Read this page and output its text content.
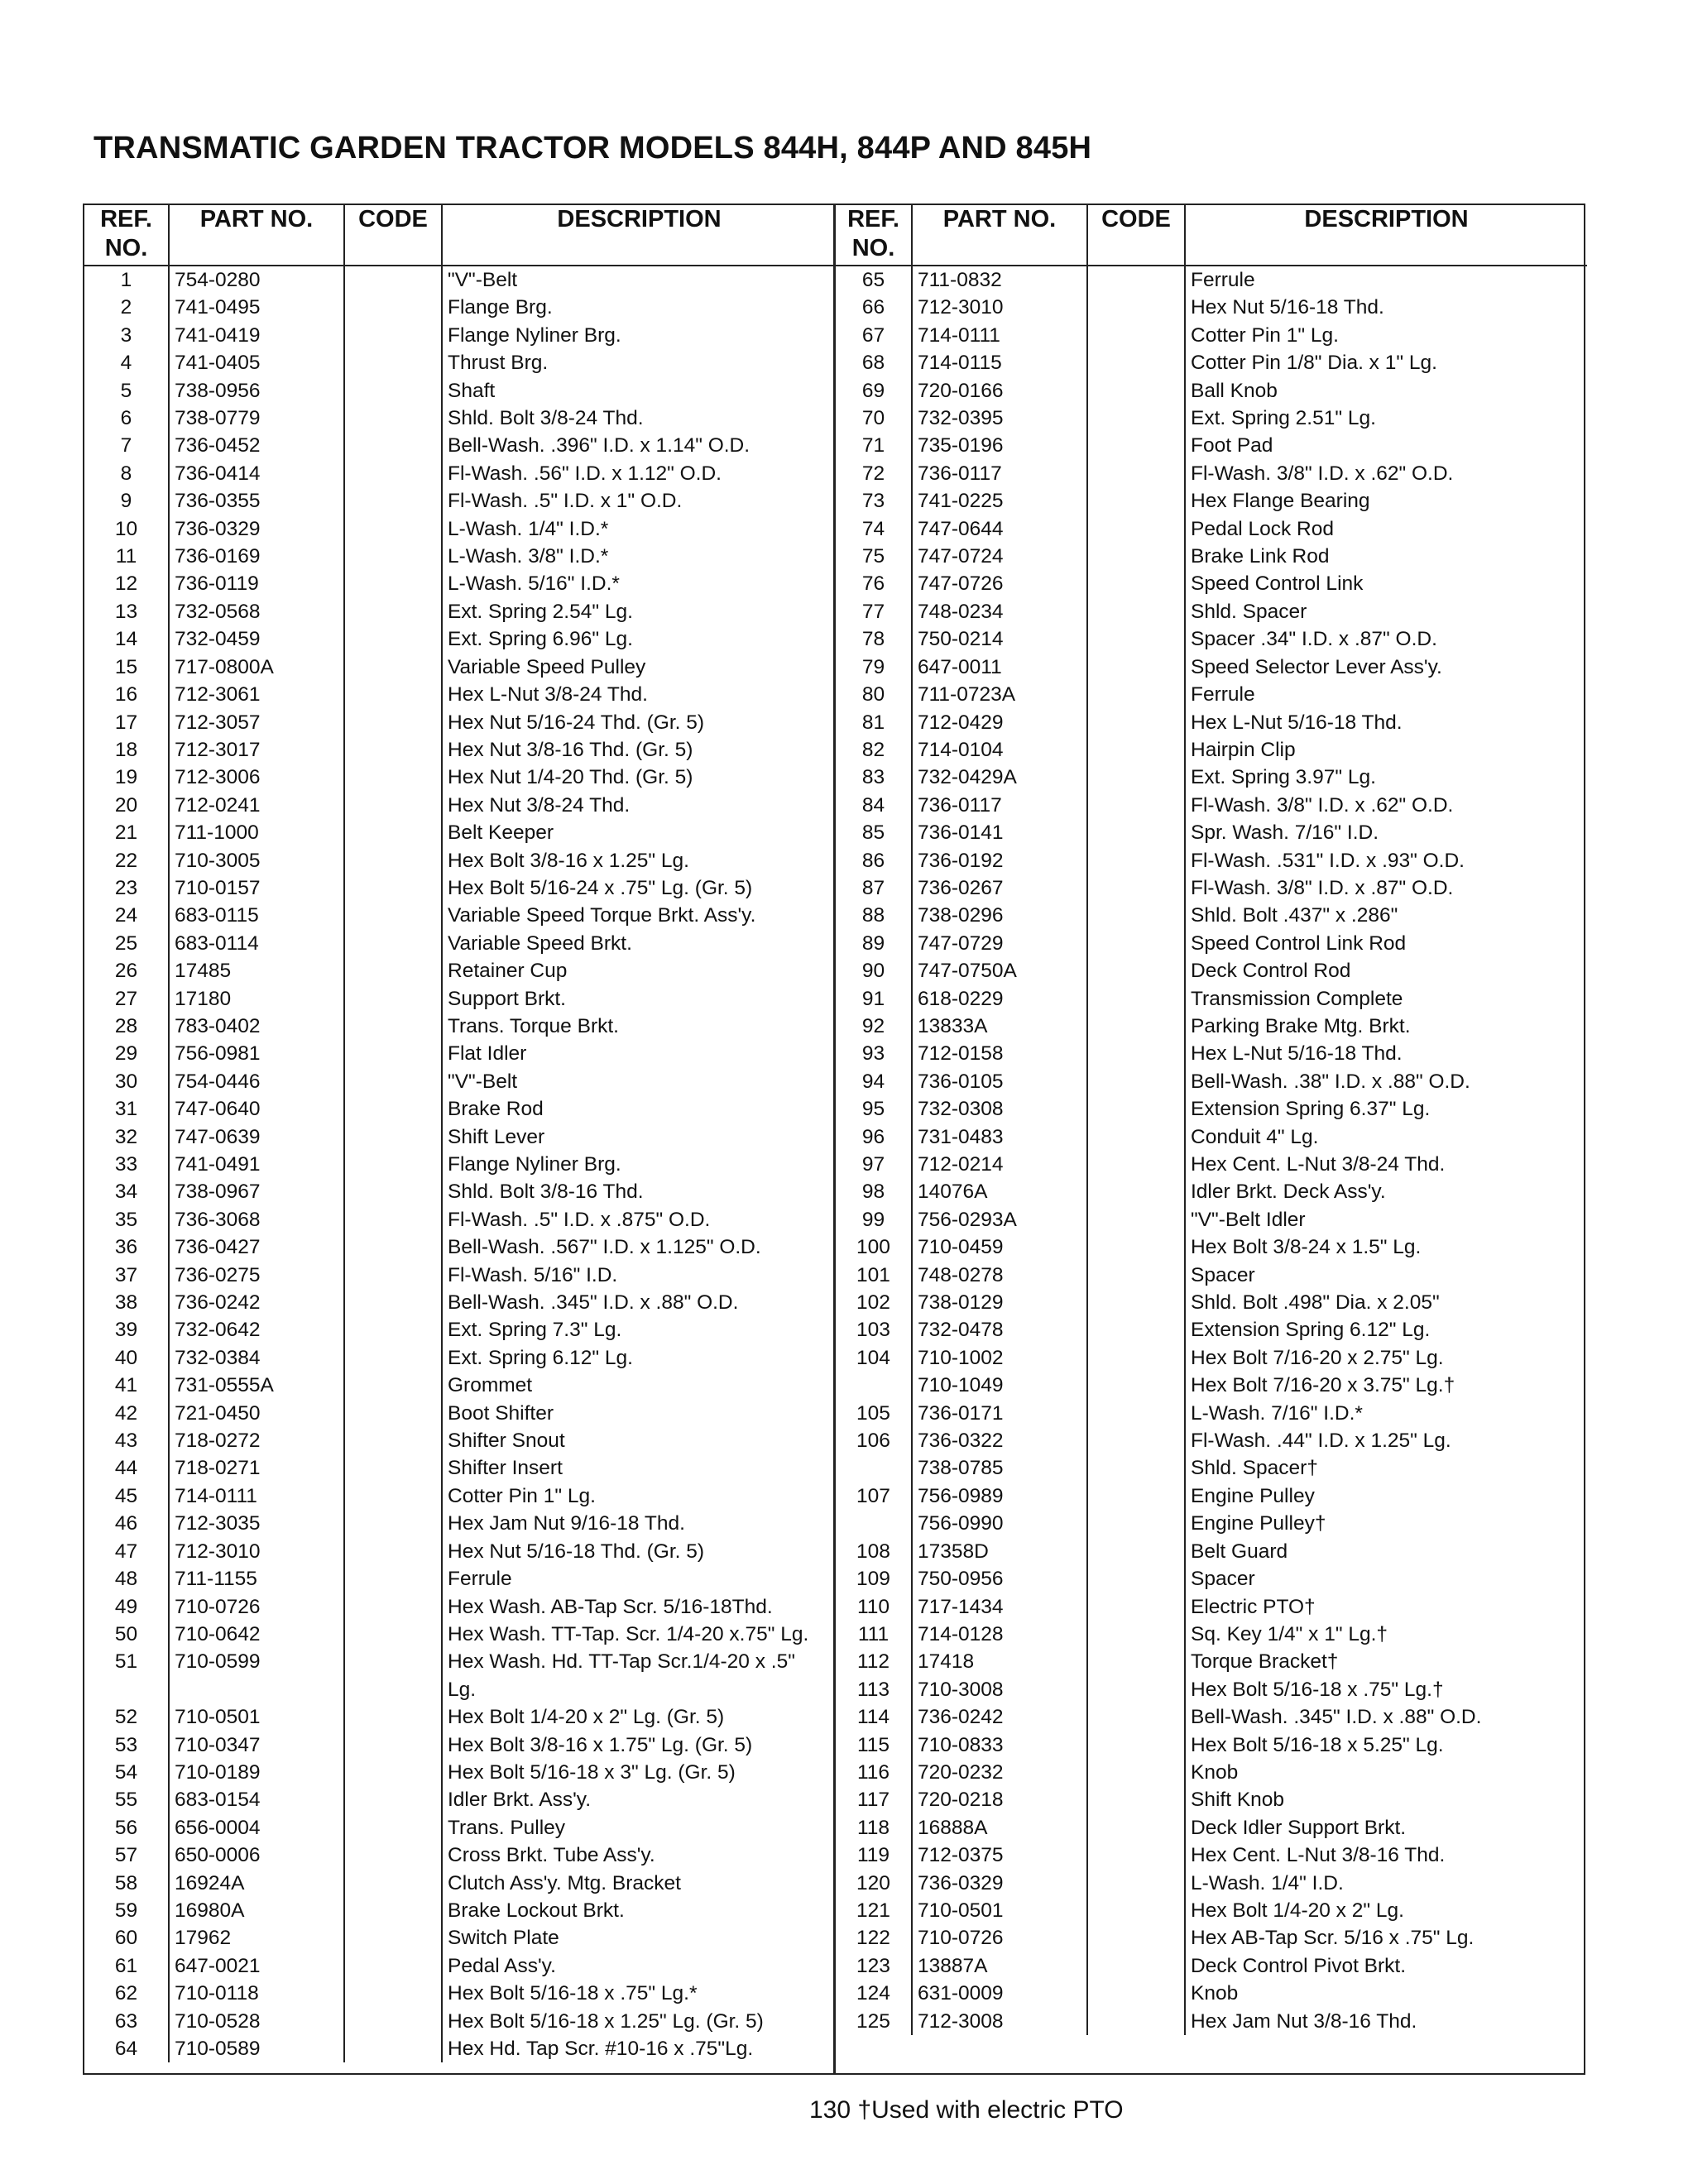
TRANSMATIC GARDEN TRACTOR MODELS 844H, 844P AND 845H
REF. NO.	PART NO.	CODE	DESCRIPTION
1	754-0280		"V"-Belt
2	741-0495		Flange Brg.
3	741-0419		Flange Nyliner Brg.
4	741-0405		Thrust Brg.
5	738-0956		Shaft
6	738-0779		Shld. Bolt 3/8-24 Thd.
7	736-0452		Bell-Wash. .396" I.D. x 1.14" O.D.
8	736-0414		Fl-Wash. .56" I.D. x 1.12" O.D.
9	736-0355		Fl-Wash. .5" I.D. x 1" O.D.
10	736-0329		L-Wash. 1/4" I.D.*
11	736-0169		L-Wash. 3/8" I.D.*
12	736-0119		L-Wash. 5/16" I.D.*
13	732-0568		Ext. Spring 2.54" Lg.
14	732-0459		Ext. Spring 6.96" Lg.
15	717-0800A		Variable Speed Pulley
16	712-3061		Hex L-Nut 3/8-24 Thd.
17	712-3057		Hex Nut 5/16-24 Thd. (Gr. 5)
18	712-3017		Hex Nut 3/8-16 Thd. (Gr. 5)
19	712-3006		Hex Nut 1/4-20 Thd. (Gr. 5)
20	712-0241		Hex Nut 3/8-24 Thd.
21	711-1000		Belt Keeper
22	710-3005		Hex Bolt 3/8-16 x 1.25" Lg.
23	710-0157		Hex Bolt 5/16-24 x .75" Lg. (Gr. 5)
24	683-0115		Variable Speed Torque Brkt. Ass'y.
25	683-0114		Variable Speed Brkt.
26	17485		Retainer Cup
27	17180		Support Brkt.
28	783-0402		Trans. Torque Brkt.
29	756-0981		Flat Idler
30	754-0446		"V"-Belt
31	747-0640		Brake Rod
32	747-0639		Shift Lever
33	741-0491		Flange Nyliner Brg.
34	738-0967		Shld. Bolt 3/8-16 Thd.
35	736-3068		Fl-Wash. .5" I.D. x .875" O.D.
36	736-0427		Bell-Wash. .567" I.D. x 1.125" O.D.
37	736-0275		Fl-Wash. 5/16" I.D.
38	736-0242		Bell-Wash. .345" I.D. x .88" O.D.
39	732-0642		Ext. Spring 7.3" Lg.
40	732-0384		Ext. Spring 6.12" Lg.
41	731-0555A		Grommet
42	721-0450		Boot Shifter
43	718-0272		Shifter Snout
44	718-0271		Shifter Insert
45	714-0111		Cotter Pin 1" Lg.
46	712-3035		Hex Jam Nut 9/16-18 Thd.
47	712-3010		Hex Nut 5/16-18 Thd. (Gr. 5)
48	711-1155		Ferrule
49	710-0726		Hex Wash. AB-Tap Scr. 5/16-18Thd.
50	710-0642		Hex Wash. TT-Tap. Scr. 1/4-20 x.75" Lg.
51	710-0599		Hex Wash. Hd. TT-Tap Scr.1/4-20 x .5"
			Lg.
52	710-0501		Hex Bolt 1/4-20 x 2" Lg. (Gr. 5)
53	710-0347		Hex Bolt 3/8-16 x 1.75" Lg. (Gr. 5)
54	710-0189		Hex Bolt 5/16-18 x 3" Lg. (Gr. 5)
55	683-0154		Idler Brkt. Ass'y.
56	656-0004		Trans. Pulley
57	650-0006		Cross Brkt. Tube Ass'y.
58	16924A		Clutch Ass'y. Mtg. Bracket
59	16980A		Brake Lockout Brkt.
60	17962		Switch Plate
61	647-0021		Pedal Ass'y.
62	710-0118		Hex Bolt 5/16-18 x .75" Lg.*
63	710-0528		Hex Bolt 5/16-18 x 1.25" Lg. (Gr. 5)
64	710-0589		Hex Hd. Tap Scr. #10-16 x .75"Lg.
REF. NO.	PART NO.	CODE	DESCRIPTION
65	711-0832		Ferrule
66	712-3010		Hex Nut 5/16-18 Thd.
67	714-0111		Cotter Pin 1" Lg.
68	714-0115		Cotter Pin 1/8" Dia. x 1" Lg.
69	720-0166		Ball Knob
70	732-0395		Ext. Spring 2.51" Lg.
71	735-0196		Foot Pad
72	736-0117		Fl-Wash. 3/8" I.D. x .62" O.D.
73	741-0225		Hex Flange Bearing
74	747-0644		Pedal Lock Rod
75	747-0724		Brake Link Rod
76	747-0726		Speed Control Link
77	748-0234		Shld. Spacer
78	750-0214		Spacer .34" I.D. x .87" O.D.
79	647-0011		Speed Selector Lever Ass'y.
80	711-0723A		Ferrule
81	712-0429		Hex L-Nut 5/16-18 Thd.
82	714-0104		Hairpin Clip
83	732-0429A		Ext. Spring 3.97" Lg.
84	736-0117		Fl-Wash. 3/8" I.D. x .62" O.D.
85	736-0141		Spr. Wash. 7/16" I.D.
86	736-0192		Fl-Wash. .531" I.D. x .93" O.D.
87	736-0267		Fl-Wash. 3/8" I.D. x .87" O.D.
88	738-0296		Shld. Bolt .437" x .286"
89	747-0729		Speed Control Link Rod
90	747-0750A		Deck Control Rod
91	618-0229		Transmission Complete
92	13833A		Parking Brake Mtg. Brkt.
93	712-0158		Hex L-Nut 5/16-18 Thd.
94	736-0105		Bell-Wash. .38" I.D. x .88" O.D.
95	732-0308		Extension Spring 6.37" Lg.
96	731-0483		Conduit 4" Lg.
97	712-0214		Hex Cent. L-Nut 3/8-24 Thd.
98	14076A		Idler Brkt. Deck Ass'y.
99	756-0293A		"V"-Belt Idler
100	710-0459		Hex Bolt 3/8-24 x 1.5" Lg.
101	748-0278		Spacer
102	738-0129		Shld. Bolt .498" Dia. x 2.05"
103	732-0478		Extension Spring 6.12" Lg.
104	710-1002		Hex Bolt 7/16-20 x 2.75" Lg.
	710-1049		Hex Bolt 7/16-20 x 3.75" Lg.†
105	736-0171		L-Wash. 7/16" I.D.*
106	736-0322		Fl-Wash. .44" I.D. x 1.25" Lg.
	738-0785		Shld. Spacer†
107	756-0989		Engine Pulley
	756-0990		Engine Pulley†
108	17358D		Belt Guard
109	750-0956		Spacer
110	717-1434		Electric PTO†
111	714-0128		Sq. Key 1/4" x 1" Lg.†
112	17418		Torque Bracket†
113	710-3008		Hex Bolt 5/16-18 x .75" Lg.†
114	736-0242		Bell-Wash. .345" I.D. x .88" O.D.
115	710-0833		Hex Bolt 5/16-18 x 5.25" Lg.
116	720-0232		Knob
117	720-0218		Shift Knob
118	16888A		Deck Idler Support Brkt.
119	712-0375		Hex Cent. L-Nut 3/8-16 Thd.
120	736-0329		L-Wash. 1/4" I.D.
121	710-0501		Hex Bolt 1/4-20 x 2" Lg.
122	710-0726		Hex AB-Tap Scr. 5/16 x .75" Lg.
123	13887A		Deck Control Pivot Brkt.
124	631-0009		Knob
125	712-3008		Hex Jam Nut 3/8-16 Thd.
130 †Used with electric PTO
